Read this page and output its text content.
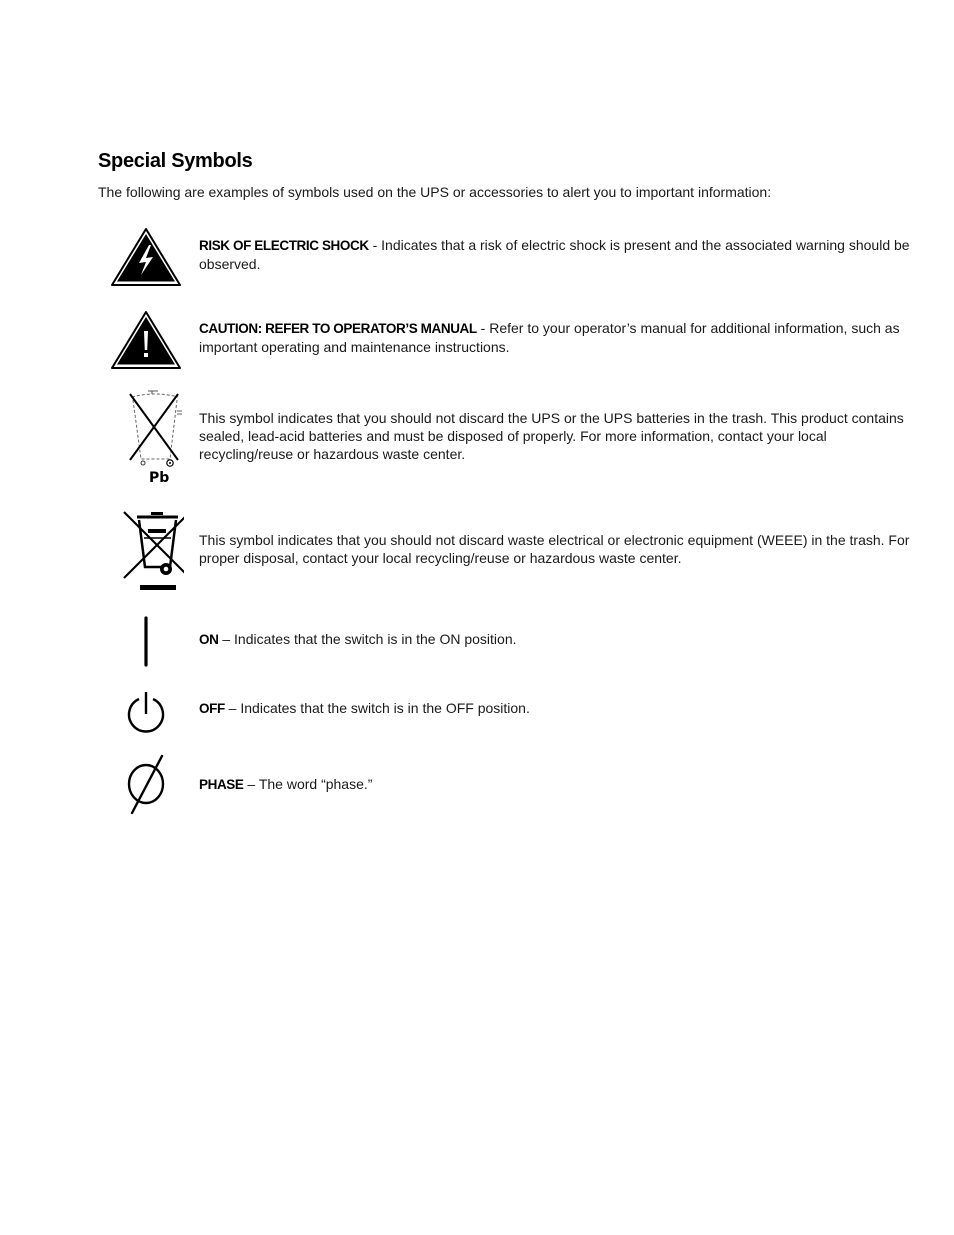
Special Symbols

The following are examples of symbols used on the UPS or accessories to alert you to important information:

RISK OF ELECTRIC SHOCK - Indicates that a risk of electric shock is present and the associated warning should be observed.

CAUTION: REFER TO OPERATOR’S MANUAL - Refer to your operator’s manual for additional information, such as important operating and maintenance instructions.

Pb

This symbol indicates that you should not discard the UPS or the UPS batteries in the trash. This product contains sealed, lead-acid batteries and must be disposed of properly. For more information, contact your local recycling/reuse or hazardous waste center.

This symbol indicates that you should not discard waste electrical or electronic equipment (WEEE) in the trash. For proper disposal, contact your local recycling/reuse or hazardous waste center.

ON – Indicates that the switch is in the ON position.

OFF – Indicates that the switch is in the OFF position.

PHASE – The word “phase.”
